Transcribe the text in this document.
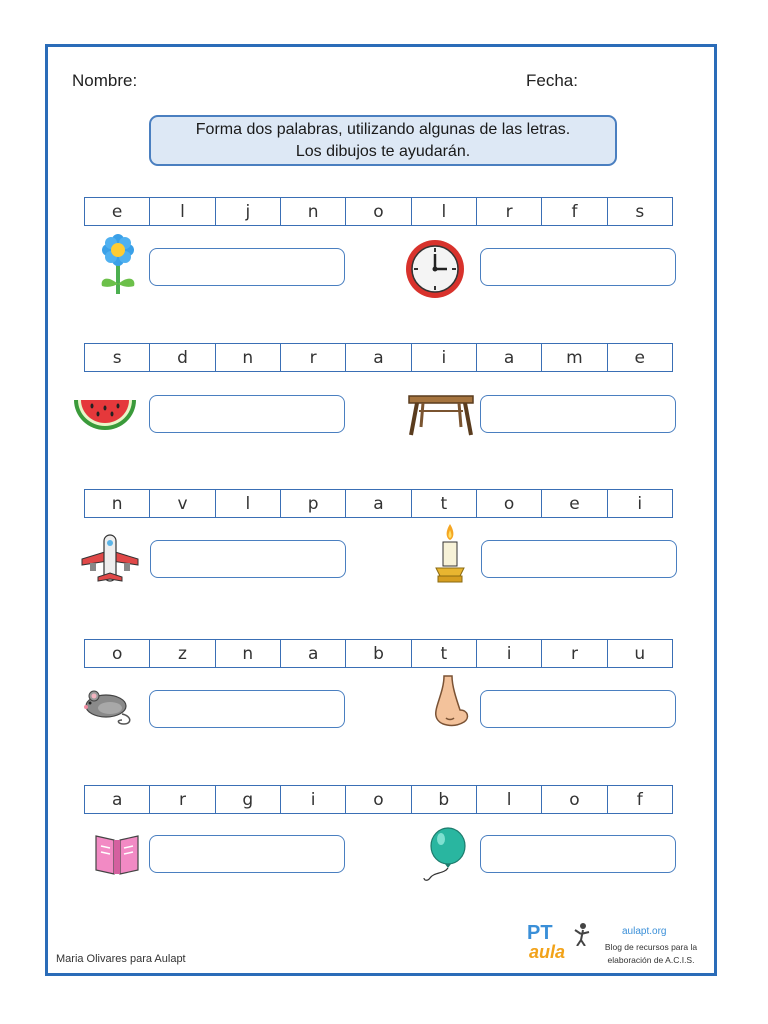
Nombre:	Fecha:
Forma dos palabras, utilizando algunas de las letras.
Los dibujos te ayudarán.
e	l	j	n	o	l	r	f	s
s	d	n	r	a	i	a	m	e
n	v	l	p	a	t	o	e	i
o	z	n	a	b	t	i	r	u
a	r	g	i	o	b	l	o	f
Maria Olivares para Aulapt
PT
aula
aulapt.org
Blog de recursos para la
elaboración de A.C.I.S.
